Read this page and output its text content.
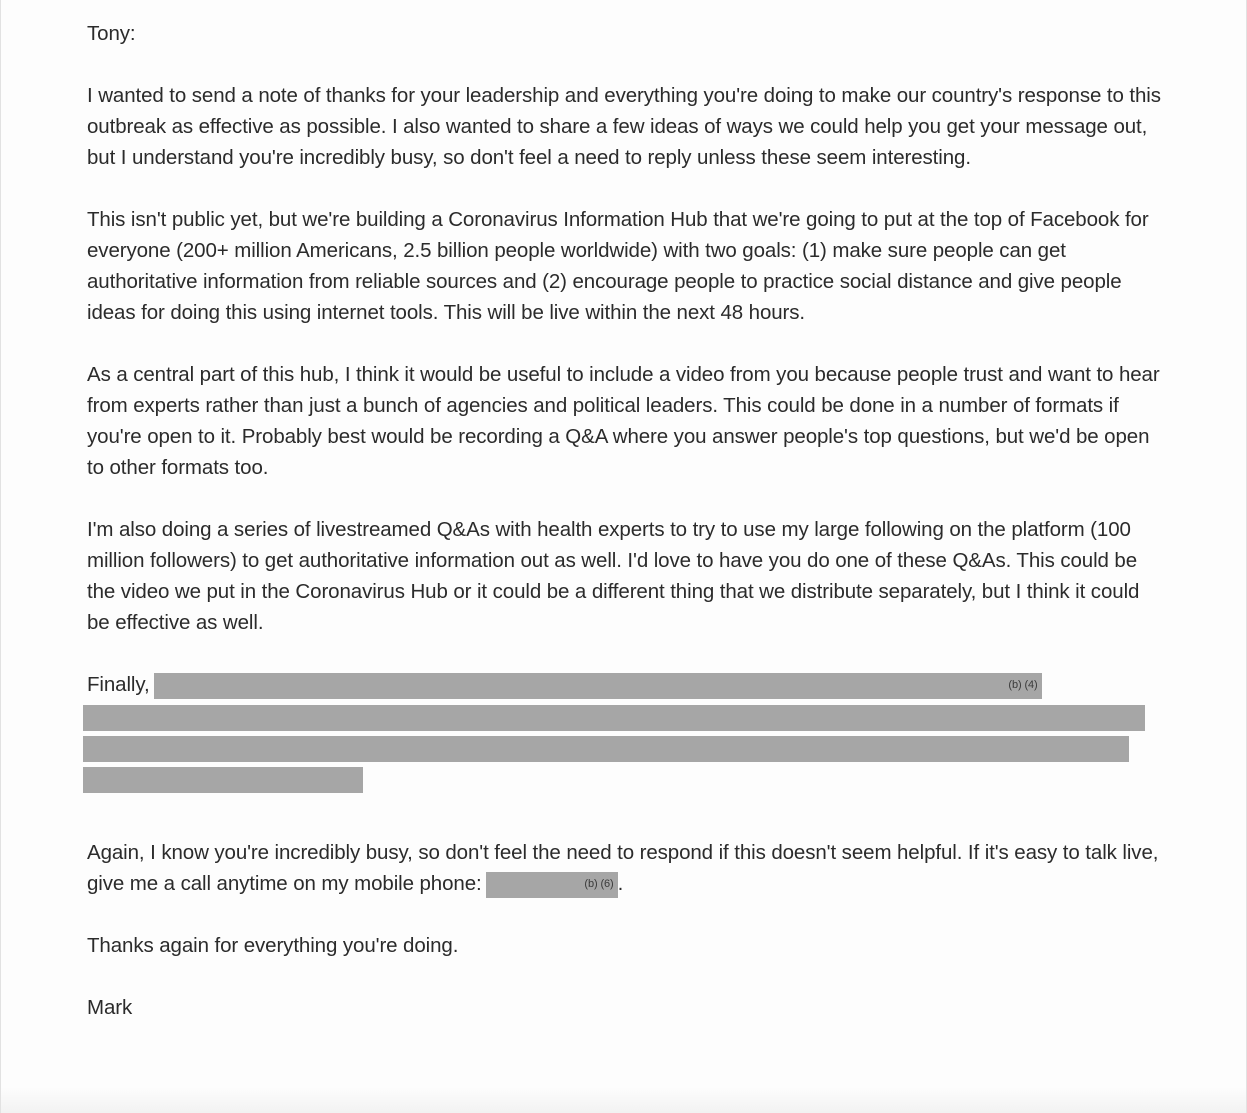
Tony:

I wanted to send a note of thanks for your leadership and everything you're doing to make our country's response to this outbreak as effective as possible. I also wanted to share a few ideas of ways we could help you get your message out, but I understand you're incredibly busy, so don't feel a need to reply unless these seem interesting.

This isn't public yet, but we're building a Coronavirus Information Hub that we're going to put at the top of Facebook for everyone (200+ million Americans, 2.5 billion people worldwide) with two goals: (1) make sure people can get authoritative information from reliable sources and (2) encourage people to practice social distance and give people ideas for doing this using internet tools. This will be live within the next 48 hours.

As a central part of this hub, I think it would be useful to include a video from you because people trust and want to hear from experts rather than just a bunch of agencies and political leaders. This could be done in a number of formats if you're open to it. Probably best would be recording a Q&A where you answer people's top questions, but we'd be open to other formats too.

I'm also doing a series of livestreamed Q&As with health experts to try to use my large following on the platform (100 million followers) to get authoritative information out as well. I'd love to have you do one of these Q&As. This could be the video we put in the Coronavirus Hub or it could be a different thing that we distribute separately, but I think it could be effective as well.

Finally,	(b) (4)

Again, I know you're incredibly busy, so don't feel the need to respond if this doesn't seem helpful. If it's easy to talk live, give me a call anytime on my mobile phone:	(b) (6) .

Thanks again for everything you're doing.

Mark
